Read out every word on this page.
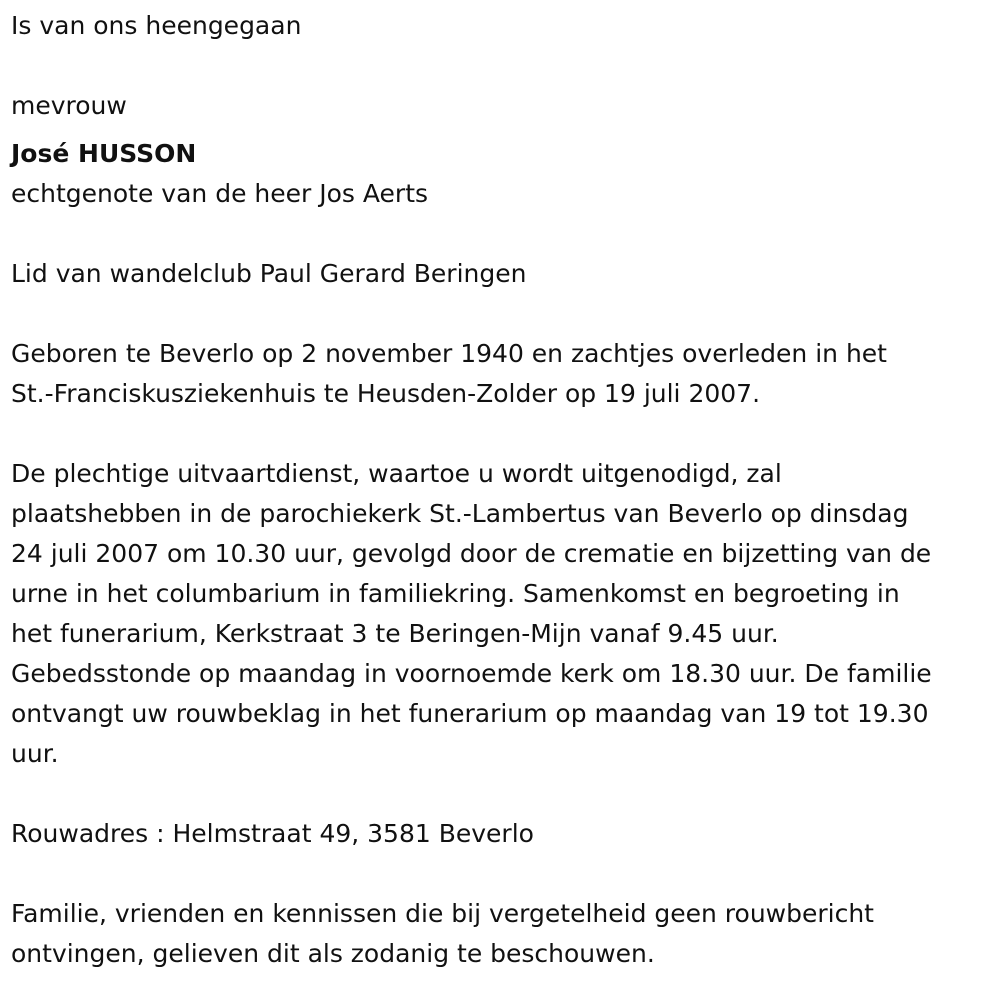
Is van ons heengegaan
mevrouw
José HUSSON
echtgenote van de heer Jos Aerts
Lid van wandelclub Paul Gerard Beringen
Geboren te Beverlo op 2 november 1940 en zachtjes overleden in het
St.-Franciskusziekenhuis te Heusden-Zolder op 19 juli 2007.
De plechtige uitvaartdienst, waartoe u wordt uitgenodigd, zal
plaatshebben in de parochiekerk St.-Lambertus van Beverlo op dinsdag
24 juli 2007 om 10.30 uur, gevolgd door de crematie en bijzetting van de
urne in het columbarium in familiekring. Samenkomst en begroeting in
het funerarium, Kerkstraat 3 te Beringen-Mijn vanaf 9.45 uur.
Gebedsstonde op maandag in voornoemde kerk om 18.30 uur. De familie
ontvangt uw rouwbeklag in het funerarium op maandag van 19 tot 19.30
uur.
Rouwadres : Helmstraat 49, 3581 Beverlo
Familie, vrienden en kennissen die bij vergetelheid geen rouwbericht
ontvingen, gelieven dit als zodanig te beschouwen.
